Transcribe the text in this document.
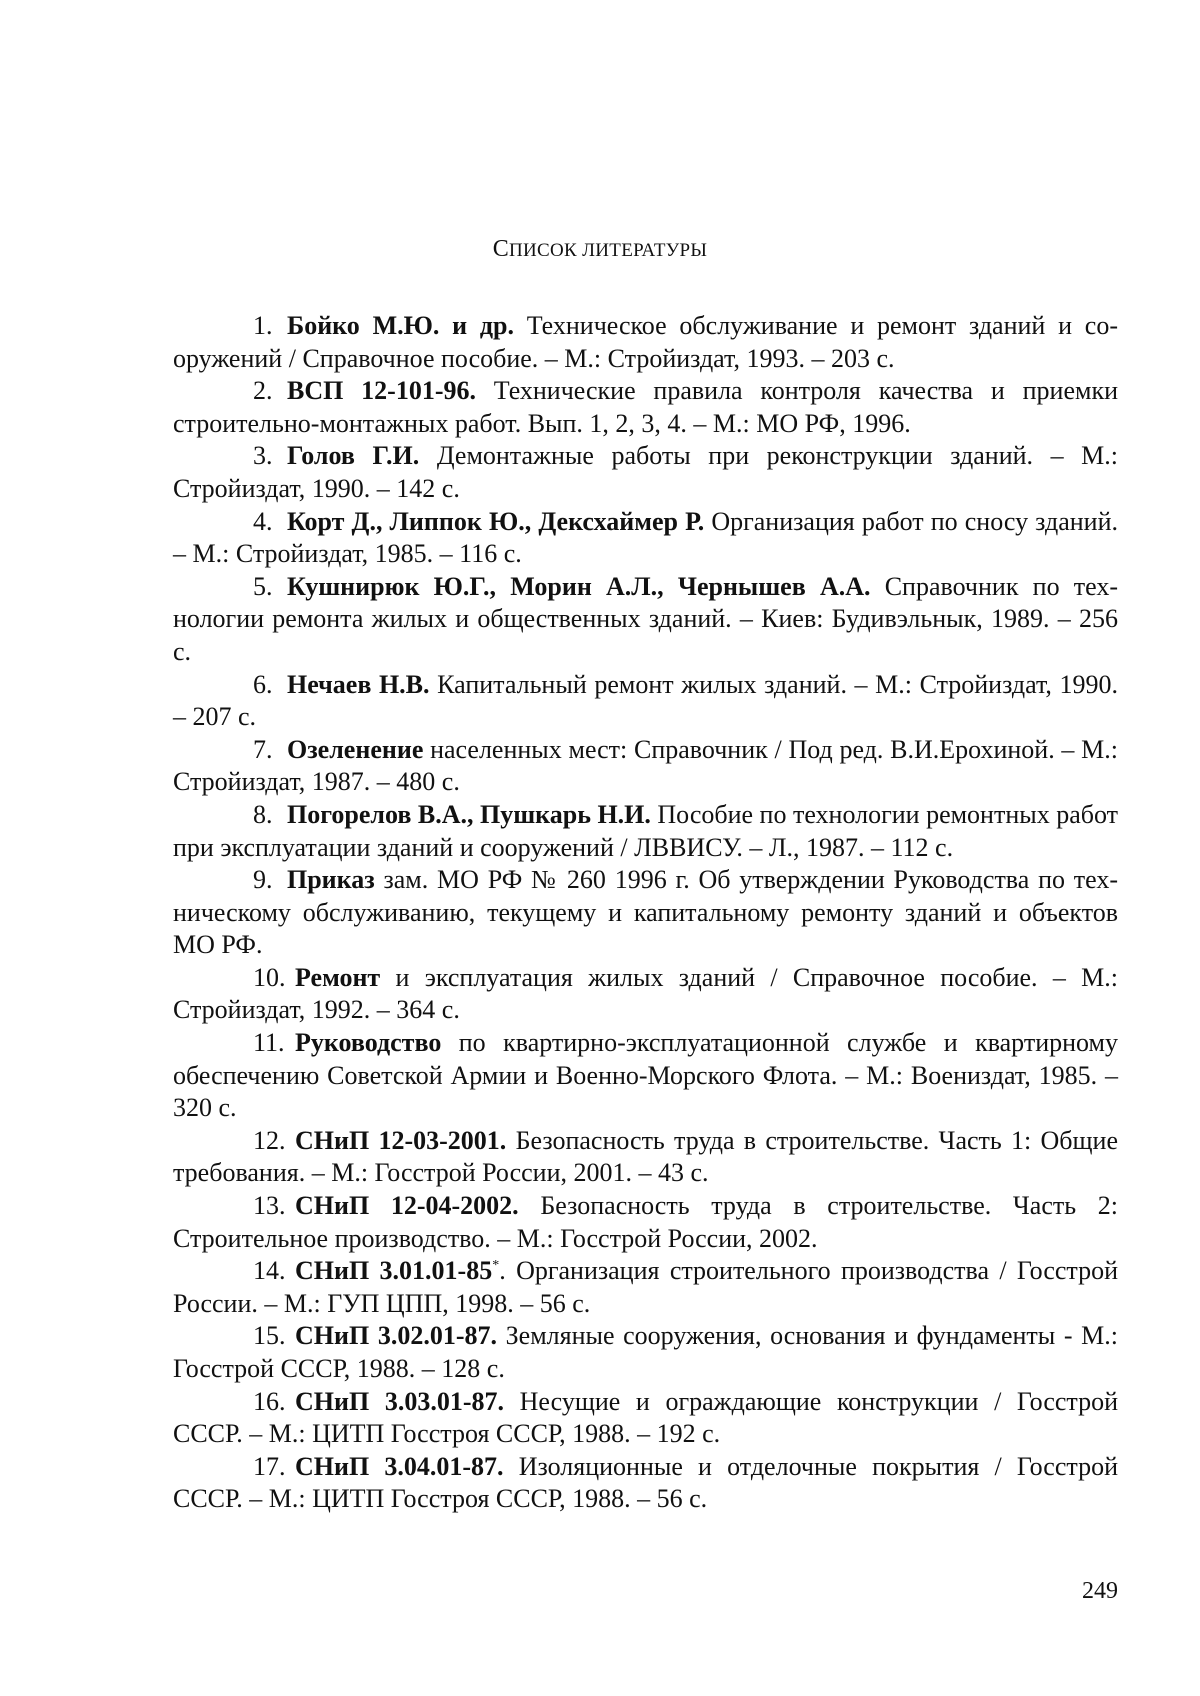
СПИСОК ЛИТЕРАТУРЫ

1. Бойко М.Ю. и др. Техническое обслуживание и ремонт зданий и сооружений / Справочное пособие. – М.: Стройиздат, 1993. – 203 с.

2. ВСП 12-101-96. Технические правила контроля качества и приемки строительно-монтажных работ. Вып. 1, 2, 3, 4. – М.: МО РФ, 1996.

3. Голов Г.И. Демонтажные работы при реконструкции зданий. – М.: Стройиздат, 1990. – 142 с.

4. Корт Д., Липпок Ю., Дексхаймер Р. Организация работ по сносу зданий. – М.: Стройиздат, 1985. – 116 с.

5. Кушнирюк Ю.Г., Морин А.Л., Чернышев А.А. Справочник по технологии ремонта жилых и общественных зданий. – Киев: Будивэльнык, 1989. – 256 с.

6. Нечаев Н.В. Капитальный ремонт жилых зданий. – М.: Стройиздат, 1990. – 207 с.

7. Озеленение населенных мест: Справочник / Под ред. В.И.Ерохиной. – М.: Стройиздат, 1987. – 480 с.

8. Погорелов В.А., Пушкарь Н.И. Пособие по технологии ремонтных работ при эксплуатации зданий и сооружений / ЛВВИСУ. – Л., 1987. – 112 с.

9. Приказ зам. МО РФ № 260 1996 г. Об утверждении Руководства по техническому обслуживанию, текущему и капитальному ремонту зданий и объектов МО РФ.

10. Ремонт и эксплуатация жилых зданий / Справочное пособие. – М.: Стройиздат, 1992. – 364 с.

11. Руководство по квартирно-эксплуатационной службе и квартирному обеспечению Советской Армии и Военно-Морского Флота. – М.: Воениздат, 1985. – 320 с.

12. СНиП 12-03-2001. Безопасность труда в строительстве. Часть 1: Общие требования. – М.: Госстрой России, 2001. – 43 с.

13. СНиП 12-04-2002. Безопасность труда в строительстве. Часть 2: Строительное производство. – М.: Госстрой России, 2002.

14. СНиП 3.01.01-85*. Организация строительного производства / Госстрой России. – М.: ГУП ЦПП, 1998. – 56 с.

15. СНиП 3.02.01-87. Земляные сооружения, основания и фундаменты - М.: Госстрой СССР, 1988. – 128 с.

16. СНиП 3.03.01-87. Несущие и ограждающие конструкции / Госстрой СССР. – М.: ЦИТП Госстроя СССР, 1988. – 192 с.

17. СНиП 3.04.01-87. Изоляционные и отделочные покрытия / Госстрой СССР. – М.: ЦИТП Госстроя СССР, 1988. – 56 с.

249
